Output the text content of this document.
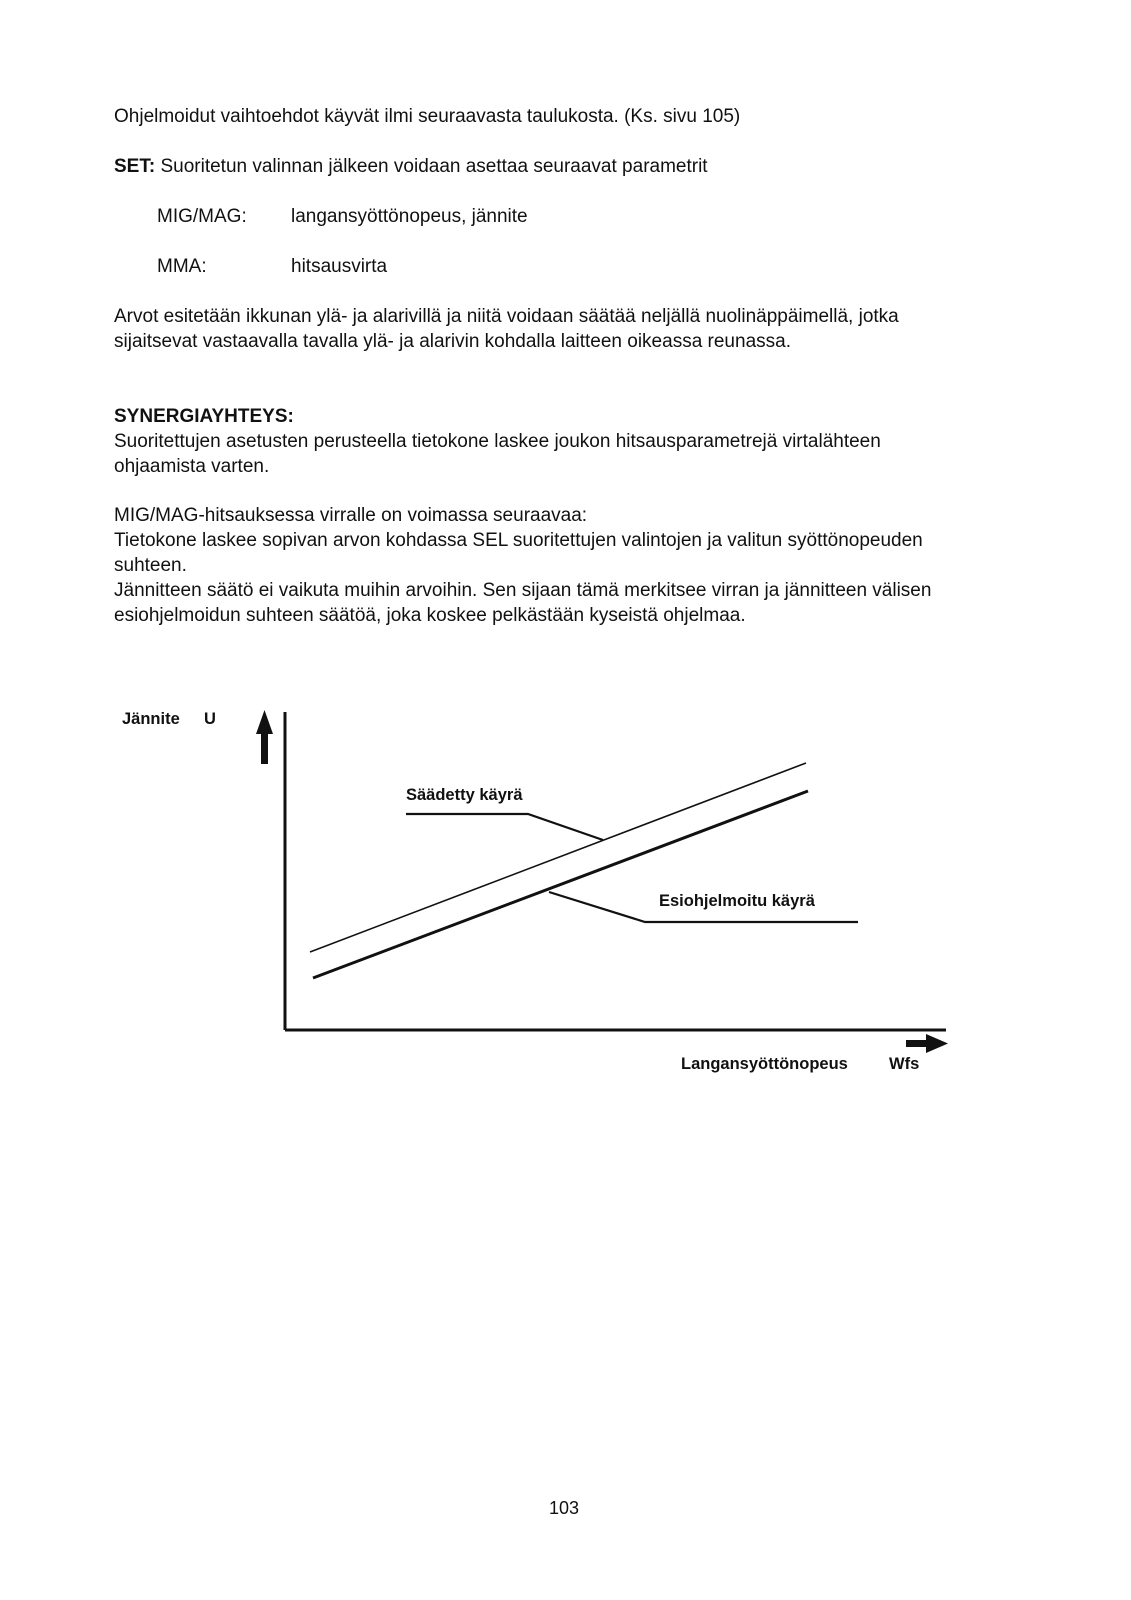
Ohjelmoidut vaihtoehdot käyvät ilmi seuraavasta taulukosta. (Ks. sivu 105)
SET: Suoritetun valinnan jälkeen voidaan asettaa seuraavat parametrit
MIG/MAG: langansyöttönopeus, jännite
MMA:	hitsausvirta
Arvot esitetään ikkunan ylä- ja alarivillä ja niitä voidaan säätää neljällä nuolinäppäimellä, jotka
sijaitsevat vastaavalla tavalla ylä- ja alarivin kohdalla laitteen oikeassa reunassa.
SYNERGIAYHTEYS:
Suoritettujen asetusten perusteella tietokone laskee joukon hitsausparametrejä virtalähteen
ohjaamista varten.
MIG/MAG-hitsauksessa virralle on voimassa seuraavaa:
Tietokone laskee sopivan arvon kohdassa SEL suoritettujen valintojen ja valitun syöttönopeuden
suhteen.
Jännitteen säätö ei vaikuta muihin arvoihin. Sen sijaan tämä merkitsee virran ja jännitteen välisen
esiohjelmoidun suhteen säätöä, joka koskee pelkästään kyseistä ohjelmaa.
Jännite U
Säädetty käyrä
Esiohjelmoitu käyrä
Langansyöttönopeus Wfs
103
